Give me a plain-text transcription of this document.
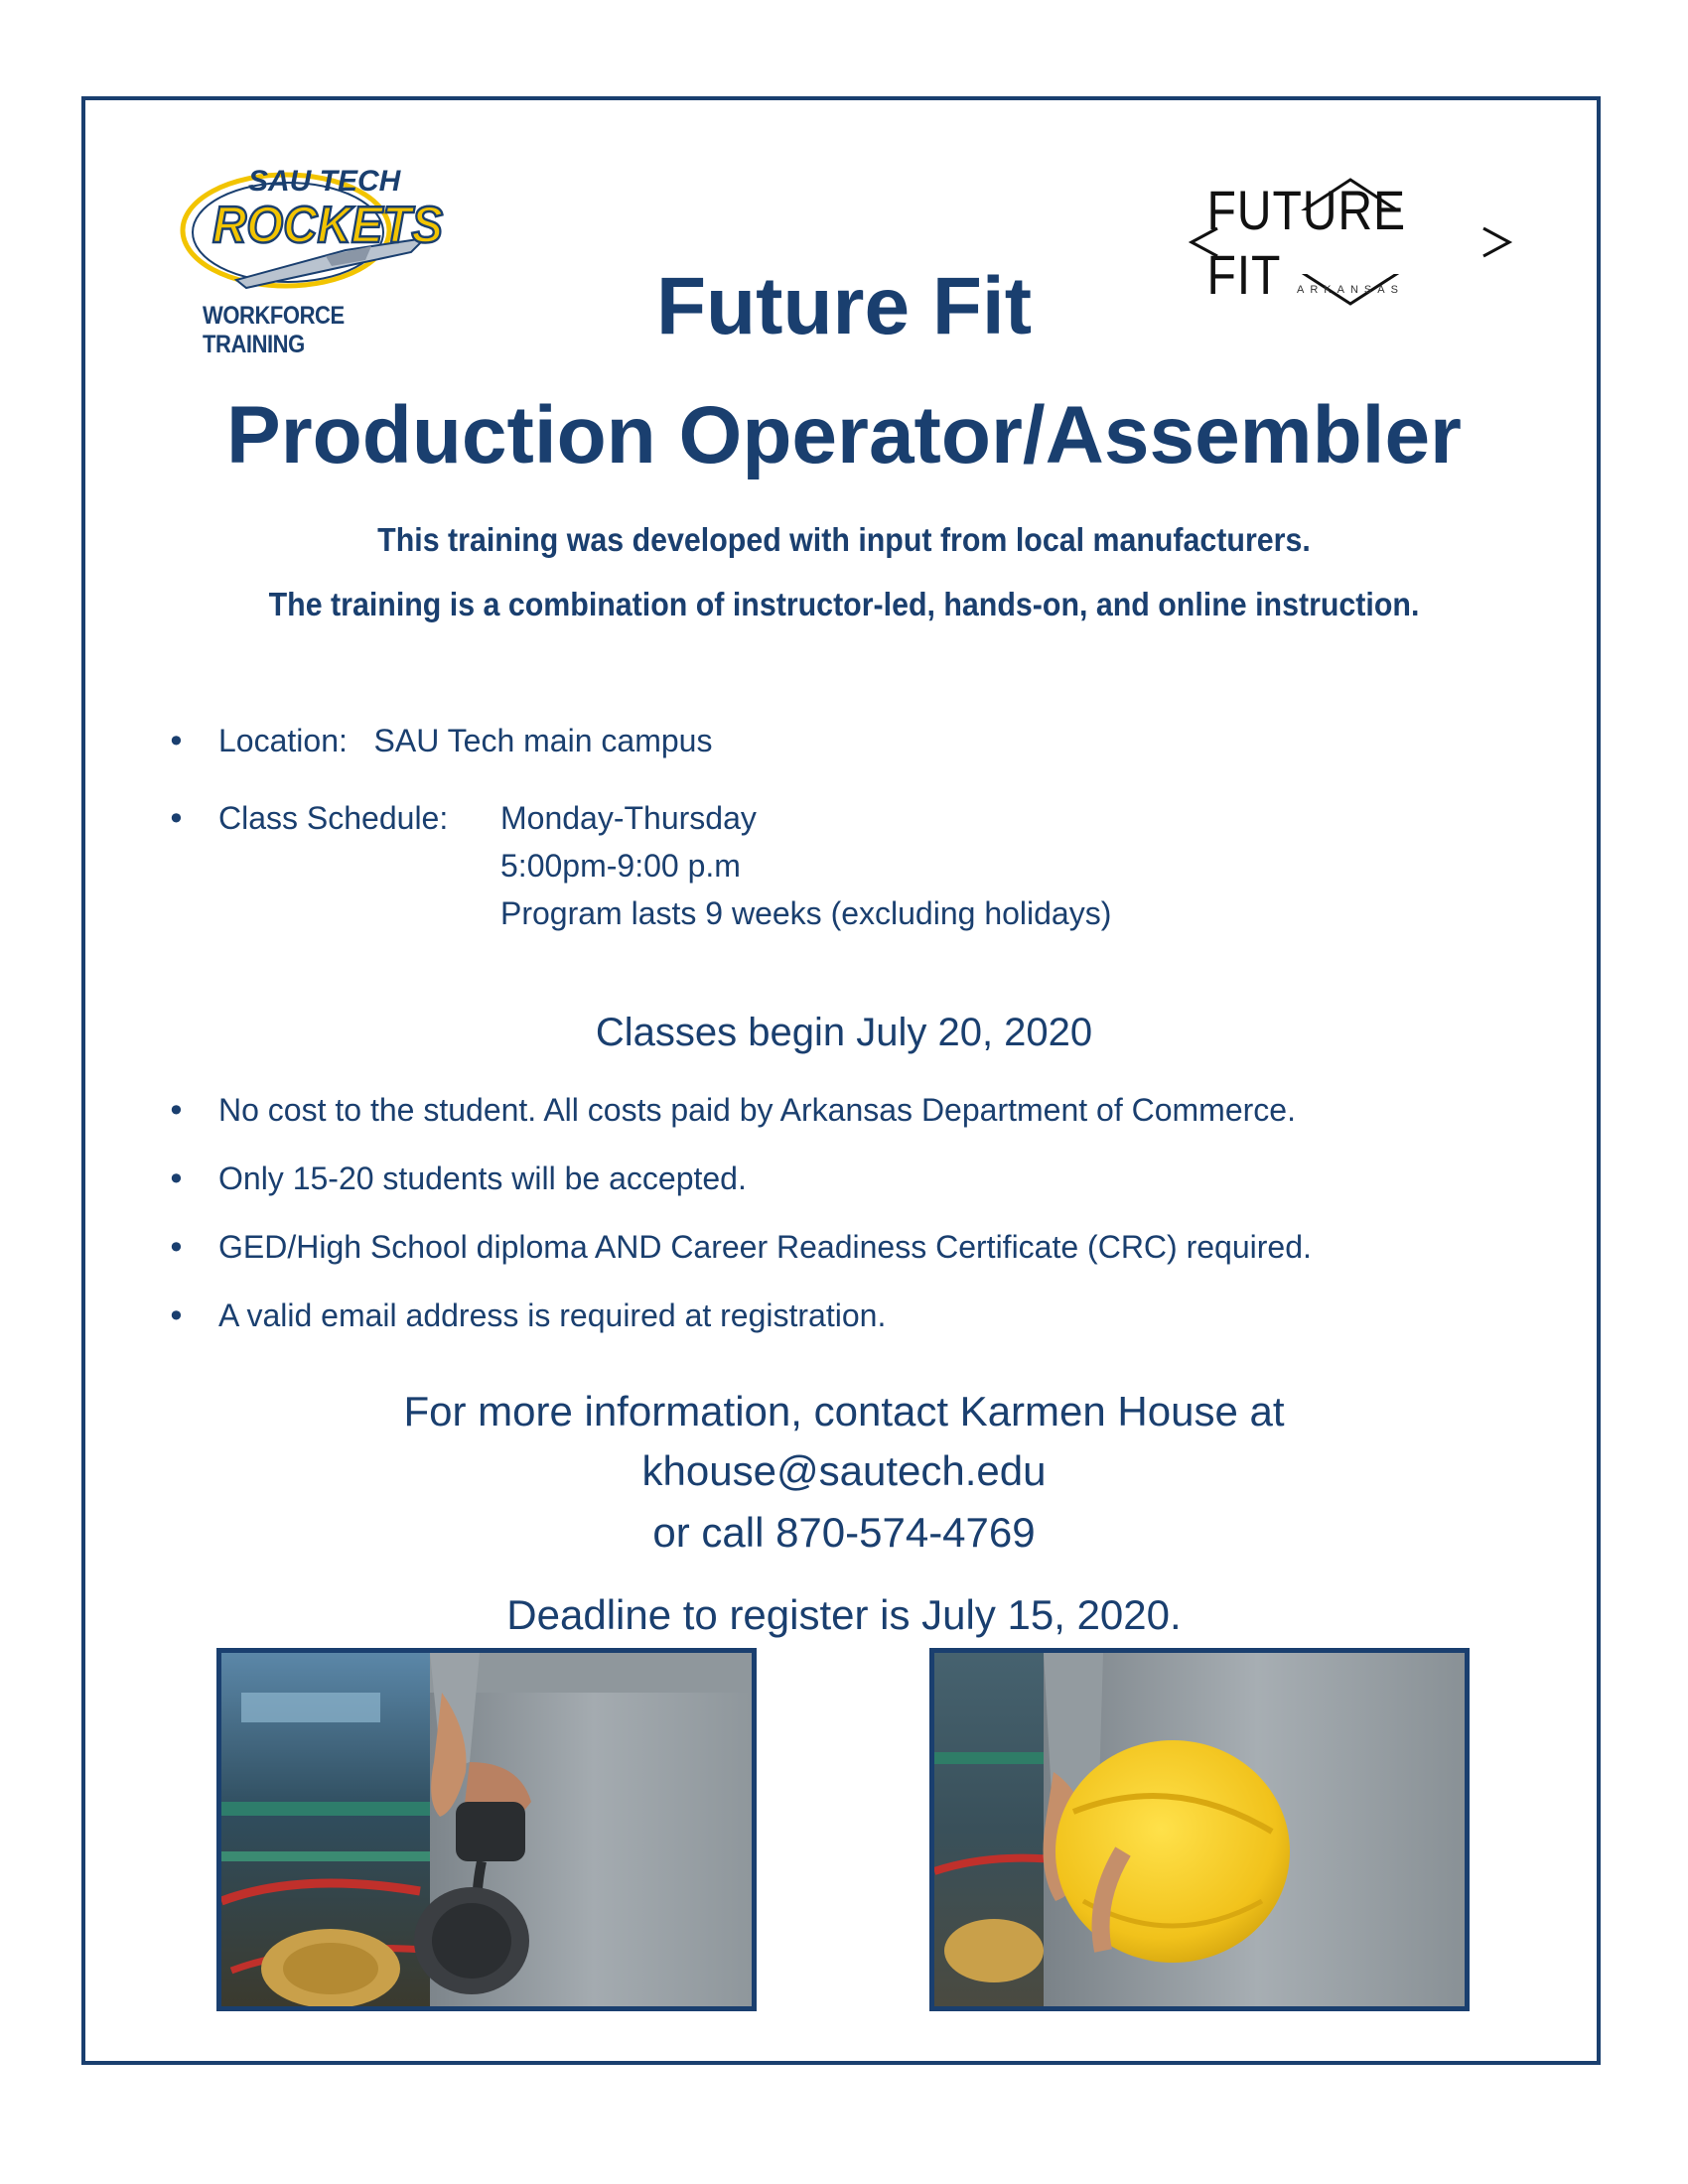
SAU TECH
ROCKETS
WORKFORCE TRAINING
FUTURE FIT	ARKANSAS
Future Fit
Production Operator/Assembler
This training was developed with input from local manufacturers.
The training is a combination of instructor-led, hands-on, and online instruction.
• Location: SAU Tech main campus
• Class Schedule: Monday-Thursday
5:00pm-9:00 p.m
Program lasts 9 weeks (excluding holidays)
Classes begin July 20, 2020
• No cost to the student. All costs paid by Arkansas Department of Commerce.
• Only 15-20 students will be accepted.
• GED/High School diploma AND Career Readiness Certificate (CRC) required.
• A valid email address is required at registration.
For more information, contact Karmen House at
khouse@sautech.edu
or call 870-574-4769
Deadline to register is July 15, 2020.
